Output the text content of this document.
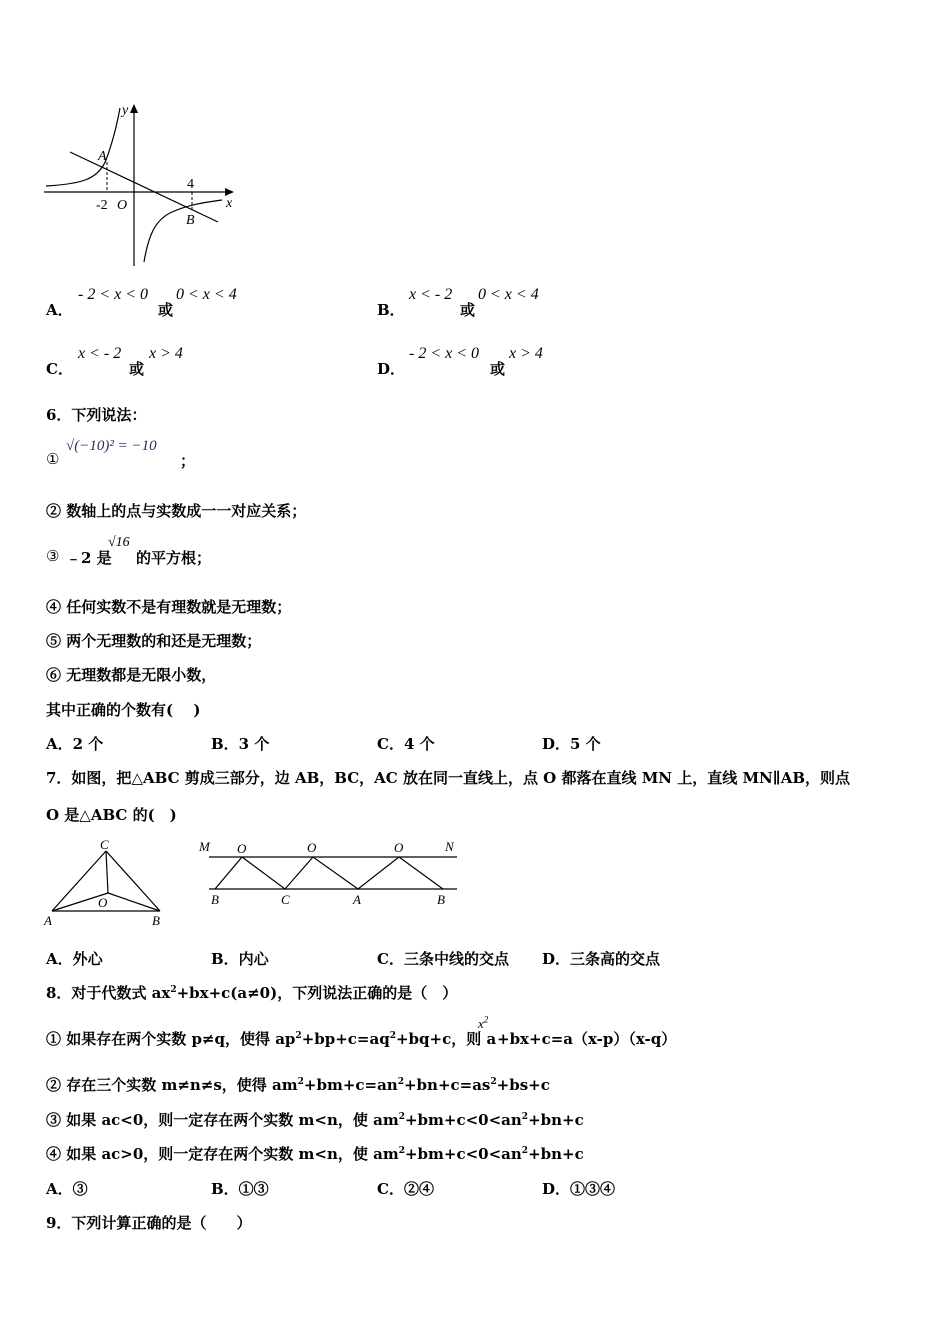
y
x
A
B
O
-2
4
A．
- 2 < x < 0
或
0 < x < 4
B．
x < - 2
或
0 < x < 4
C．
x < - 2
或
x > 4
D．
- 2 < x < 0
或
x > 4
6．下列说法：
①
√(−10)² = −10
；
② 数轴上的点与实数成一一对应关系；
③ ﹣2 是
√16
的平方根；
④ 任何实数不是有理数就是无理数；
⑤ 两个无理数的和还是无理数；
⑥ 无理数都是无限小数，
其中正确的个数有(　 )
A．2 个	B．3 个	C．4 个	D．5 个
7．如图，把△ABC 剪成三部分，边 AB，BC，AC 放在同一直线上，点 O 都落在直线 MN 上，直线 MN∥AB，则点
O 是△ABC 的(　)
C
O
A	B
M O	O	O	N
B	C	A	B
A．外心	B．内心	C．三条中线的交点 D．三条高的交点
8．对于代数式 $ax^2+bx+c(a\ne 0)$，下列说法正确的是（　）
① 如果存在两个实数 p≠q，使得 $ap^2+bp+c=aq^2+bq+c$，则 a
$x^2$
+bx+c=a（x-p）（x-q）
② 存在三个实数 m≠n≠s，使得 $am^2+bm+c=an^2+bn+c=as^2+bs+c$
③ 如果 ac<0，则一定存在两个实数 m<n，使 $am^2+bm+c<0<an^2+bn+c$
④ 如果 ac>0，则一定存在两个实数 m<n，使 $am^2+bm+c<0<an^2+bn+c$
A．③	B．①③	C．②④	D．①③④
9．下列计算正确的是（　　）
